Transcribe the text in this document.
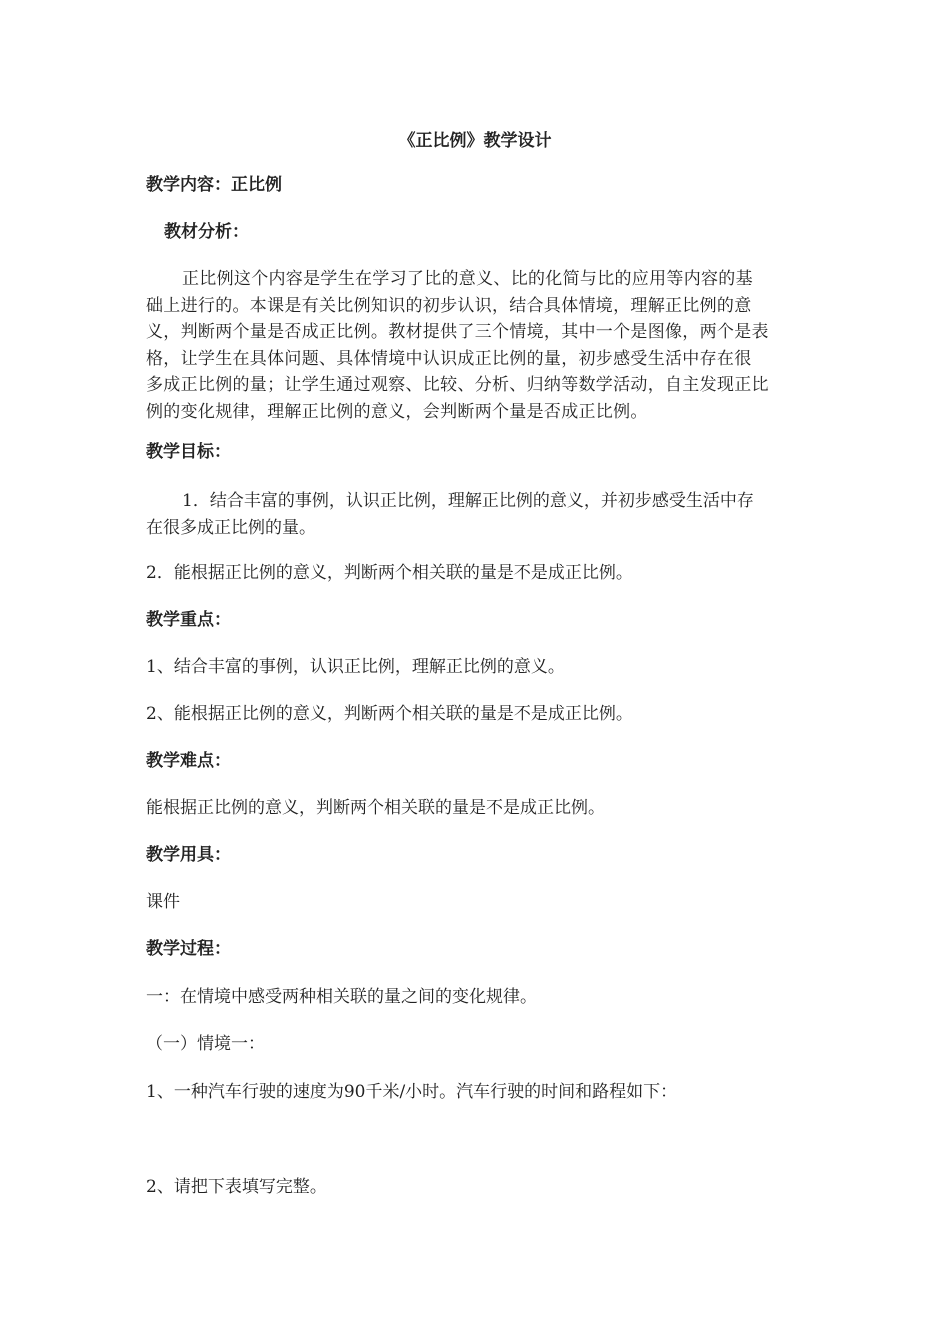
《正比例》教学设计
教学内容：正比例
教材分析：
正比例这个内容是学生在学习了比的意义、比的化简与比的应用等内容的基
础上进行的。本课是有关比例知识的初步认识，结合具体情境，理解正比例的意
义，判断两个量是否成正比例。教材提供了三个情境，其中一个是图像，两个是表
格，让学生在具体问题、具体情境中认识成正比例的量，初步感受生活中存在很
多成正比例的量；让学生通过观察、比较、分析、归纳等数学活动，自主发现正比
例的变化规律，理解正比例的意义，会判断两个量是否成正比例。
教学目标：
1．结合丰富的事例，认识正比例，理解正比例的意义，并初步感受生活中存
在很多成正比例的量。
2．能根据正比例的意义，判断两个相关联的量是不是成正比例。
教学重点：
1、结合丰富的事例，认识正比例，理解正比例的意义。
2、能根据正比例的意义，判断两个相关联的量是不是成正比例。
教学难点：
能根据正比例的意义，判断两个相关联的量是不是成正比例。
教学用具：
课件
教学过程：
一：在情境中感受两种相关联的量之间的变化规律。
（一）情境一：
1、一种汽车行驶的速度为90千米/小时。汽车行驶的时间和路程如下：
2、请把下表填写完整。
